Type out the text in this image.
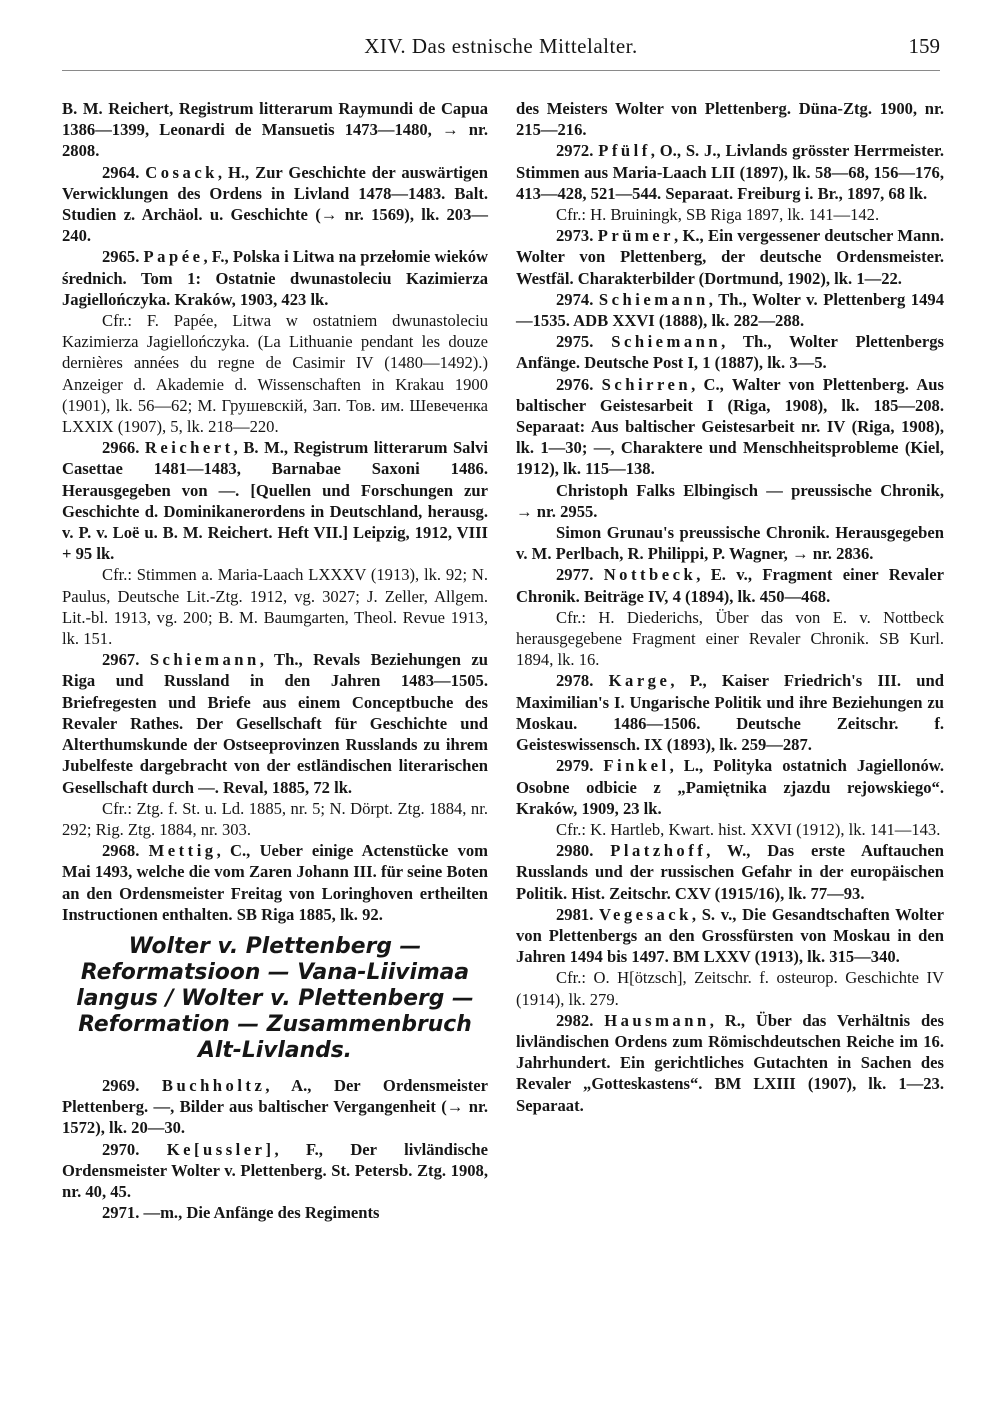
XIV. Das estnische Mittelalter.	159

B. M. Reichert, Registrum litterarum Raymundi de Capua 1386—1399, Leonardi de Mansuetis 1473—1480, → nr. 2808.

2964. Cosack, H., Zur Geschichte der auswärtigen Verwicklungen des Ordens in Livland 1478—1483. Balt. Studien z. Archäol. u. Geschichte (→ nr. 1569), lk. 203—240.

2965. Papée, F., Polska i Litwa na przełomie wieków średnich. Tom 1: Ostatnie dwunastoleciu Kazimierza Jagiellończyka. Kraków, 1903, 423 lk.

Cfr.: F. Papée, Litwa w ostatniem dwunastoleciu Kazimierza Jagiellończyka. (La Lithuanie pendant les douze dernières années du regne de Casimir IV (1480—1492).) Anzeiger d. Akademie d. Wissenschaften in Krakau 1900 (1901), lk. 56—62; М. Грушевскiй, Зап. Тов. им. Шевеченка LXXIX (1907), 5, lk. 218—220.

2966. Reichert, B. M., Registrum litterarum Salvi Casettae 1481—1483, Barnabae Saxoni 1486. Herausgegeben von —. [Quellen und Forschungen zur Geschichte d. Dominikanerordens in Deutschland, herausg. v. P. v. Loë u. B. M. Reichert. Heft VII.] Leipzig, 1912, VIII + 95 lk.

Cfr.: Stimmen a. Maria-Laach LXXXV (1913), lk. 92; N. Paulus, Deutsche Lit.-Ztg. 1912, vg. 3027; J. Zeller, Allgem. Lit.-bl. 1913, vg. 200; B. M. Baumgarten, Theol. Revue 1913, lk. 151.

2967. Schiemann, Th., Revals Beziehungen zu Riga und Russland in den Jahren 1483—1505. Briefregesten und Briefe aus einem Conceptbuche des Revaler Rathes. Der Gesellschaft für Geschichte und Alterthumskunde der Ostseeprovinzen Russlands zu ihrem Jubelfeste dargebracht von der estländischen literarischen Gesellschaft durch —. Reval, 1885, 72 lk.

Cfr.: Ztg. f. St. u. Ld. 1885, nr. 5; N. Dörpt. Ztg. 1884, nr. 292; Rig. Ztg. 1884, nr. 303.

2968. Mettig, C., Ueber einige Actenstücke vom Mai 1493, welche die vom Zaren Johann III. für seine Boten an den Ordensmeister Freitag von Loringhoven ertheilten Instructionen enthalten. SB Riga 1885, lk. 92.

Wolter v. Plettenberg — Reformatsioon — Vana-Liivimaa langus / Wolter v. Plettenberg — Reformation — Zusammenbruch Alt-Livlands.

2969. Buchholtz, A., Der Ordensmeister Plettenberg. —, Bilder aus baltischer Vergangenheit (→ nr. 1572), lk. 20—30.

2970. Ke[ussler], F., Der livländische Ordensmeister Wolter v. Plettenberg. St. Petersb. Ztg. 1908, nr. 40, 45.

2971. —m., Die Anfänge des Regiments

des Meisters Wolter von Plettenberg. Düna-Ztg. 1900, nr. 215—216.

2972. Pfülf, O., S. J., Livlands grösster Herrmeister. Stimmen aus Maria-Laach LII (1897), lk. 58—68, 156—176, 413—428, 521—544. Separaat. Freiburg i. Br., 1897, 68 lk.

Cfr.: H. Bruiningk, SB Riga 1897, lk. 141—142.

2973. Prümer, K., Ein vergessener deutscher Mann. Wolter von Plettenberg, der deutsche Ordensmeister. Westfäl. Charakterbilder (Dortmund, 1902), lk. 1—22.

2974. Schiemann, Th., Wolter v. Plettenberg 1494—1535. ADB XXVI (1888), lk. 282—288.

2975. Schiemann, Th., Wolter Plettenbergs Anfänge. Deutsche Post I, 1 (1887), lk. 3—5.

2976. Schirren, C., Walter von Plettenberg. Aus baltischer Geistesarbeit I (Riga, 1908), lk. 185—208. Separaat: Aus baltischer Geistesarbeit nr. IV (Riga, 1908), lk. 1—30; —, Charaktere und Menschheitsprobleme (Kiel, 1912), lk. 115—138.

Christoph Falks Elbingisch — preussische Chronik, → nr. 2955.

Simon Grunau's preussische Chronik. Herausgegeben v. M. Perlbach, R. Philippi, P. Wagner, → nr. 2836.

2977. Nottbeck, E. v., Fragment einer Revaler Chronik. Beiträge IV, 4 (1894), lk. 450—468.

Cfr.: H. Diederichs, Über das von E. v. Nottbeck herausgegebene Fragment einer Revaler Chronik. SB Kurl. 1894, lk. 16.

2978. Karge, P., Kaiser Friedrich's III. und Maximilian's I. Ungarische Politik und ihre Beziehungen zu Moskau. 1486—1506. Deutsche Zeitschr. f. Geisteswissensch. IX (1893), lk. 259—287.

2979. Finkel, L., Polityka ostatnich Jagiellonów. Osobne odbicie z „Pamiętnika zjazdu rejowskiego“. Kraków, 1909, 23 lk.

Cfr.: K. Hartleb, Kwart. hist. XXVI (1912), lk. 141—143.

2980. Platzhoff, W., Das erste Auftauchen Russlands und der russischen Gefahr in der europäischen Politik. Hist. Zeitschr. CXV (1915/16), lk. 77—93.

2981. Vegesack, S. v., Die Gesandtschaften Wolter von Plettenbergs an den Grossfürsten von Moskau in den Jahren 1494 bis 1497. BM LXXV (1913), lk. 315—340.

Cfr.: O. H[ötzsch], Zeitschr. f. osteurop. Geschichte IV (1914), lk. 279.

2982. Hausmann, R., Über das Verhältnis des livländischen Ordens zum Römischdeutschen Reiche im 16. Jahrhundert. Ein gerichtliches Gutachten in Sachen des Revaler „Gotteskastens“. BM LXIII (1907), lk. 1—23. Separaat.
